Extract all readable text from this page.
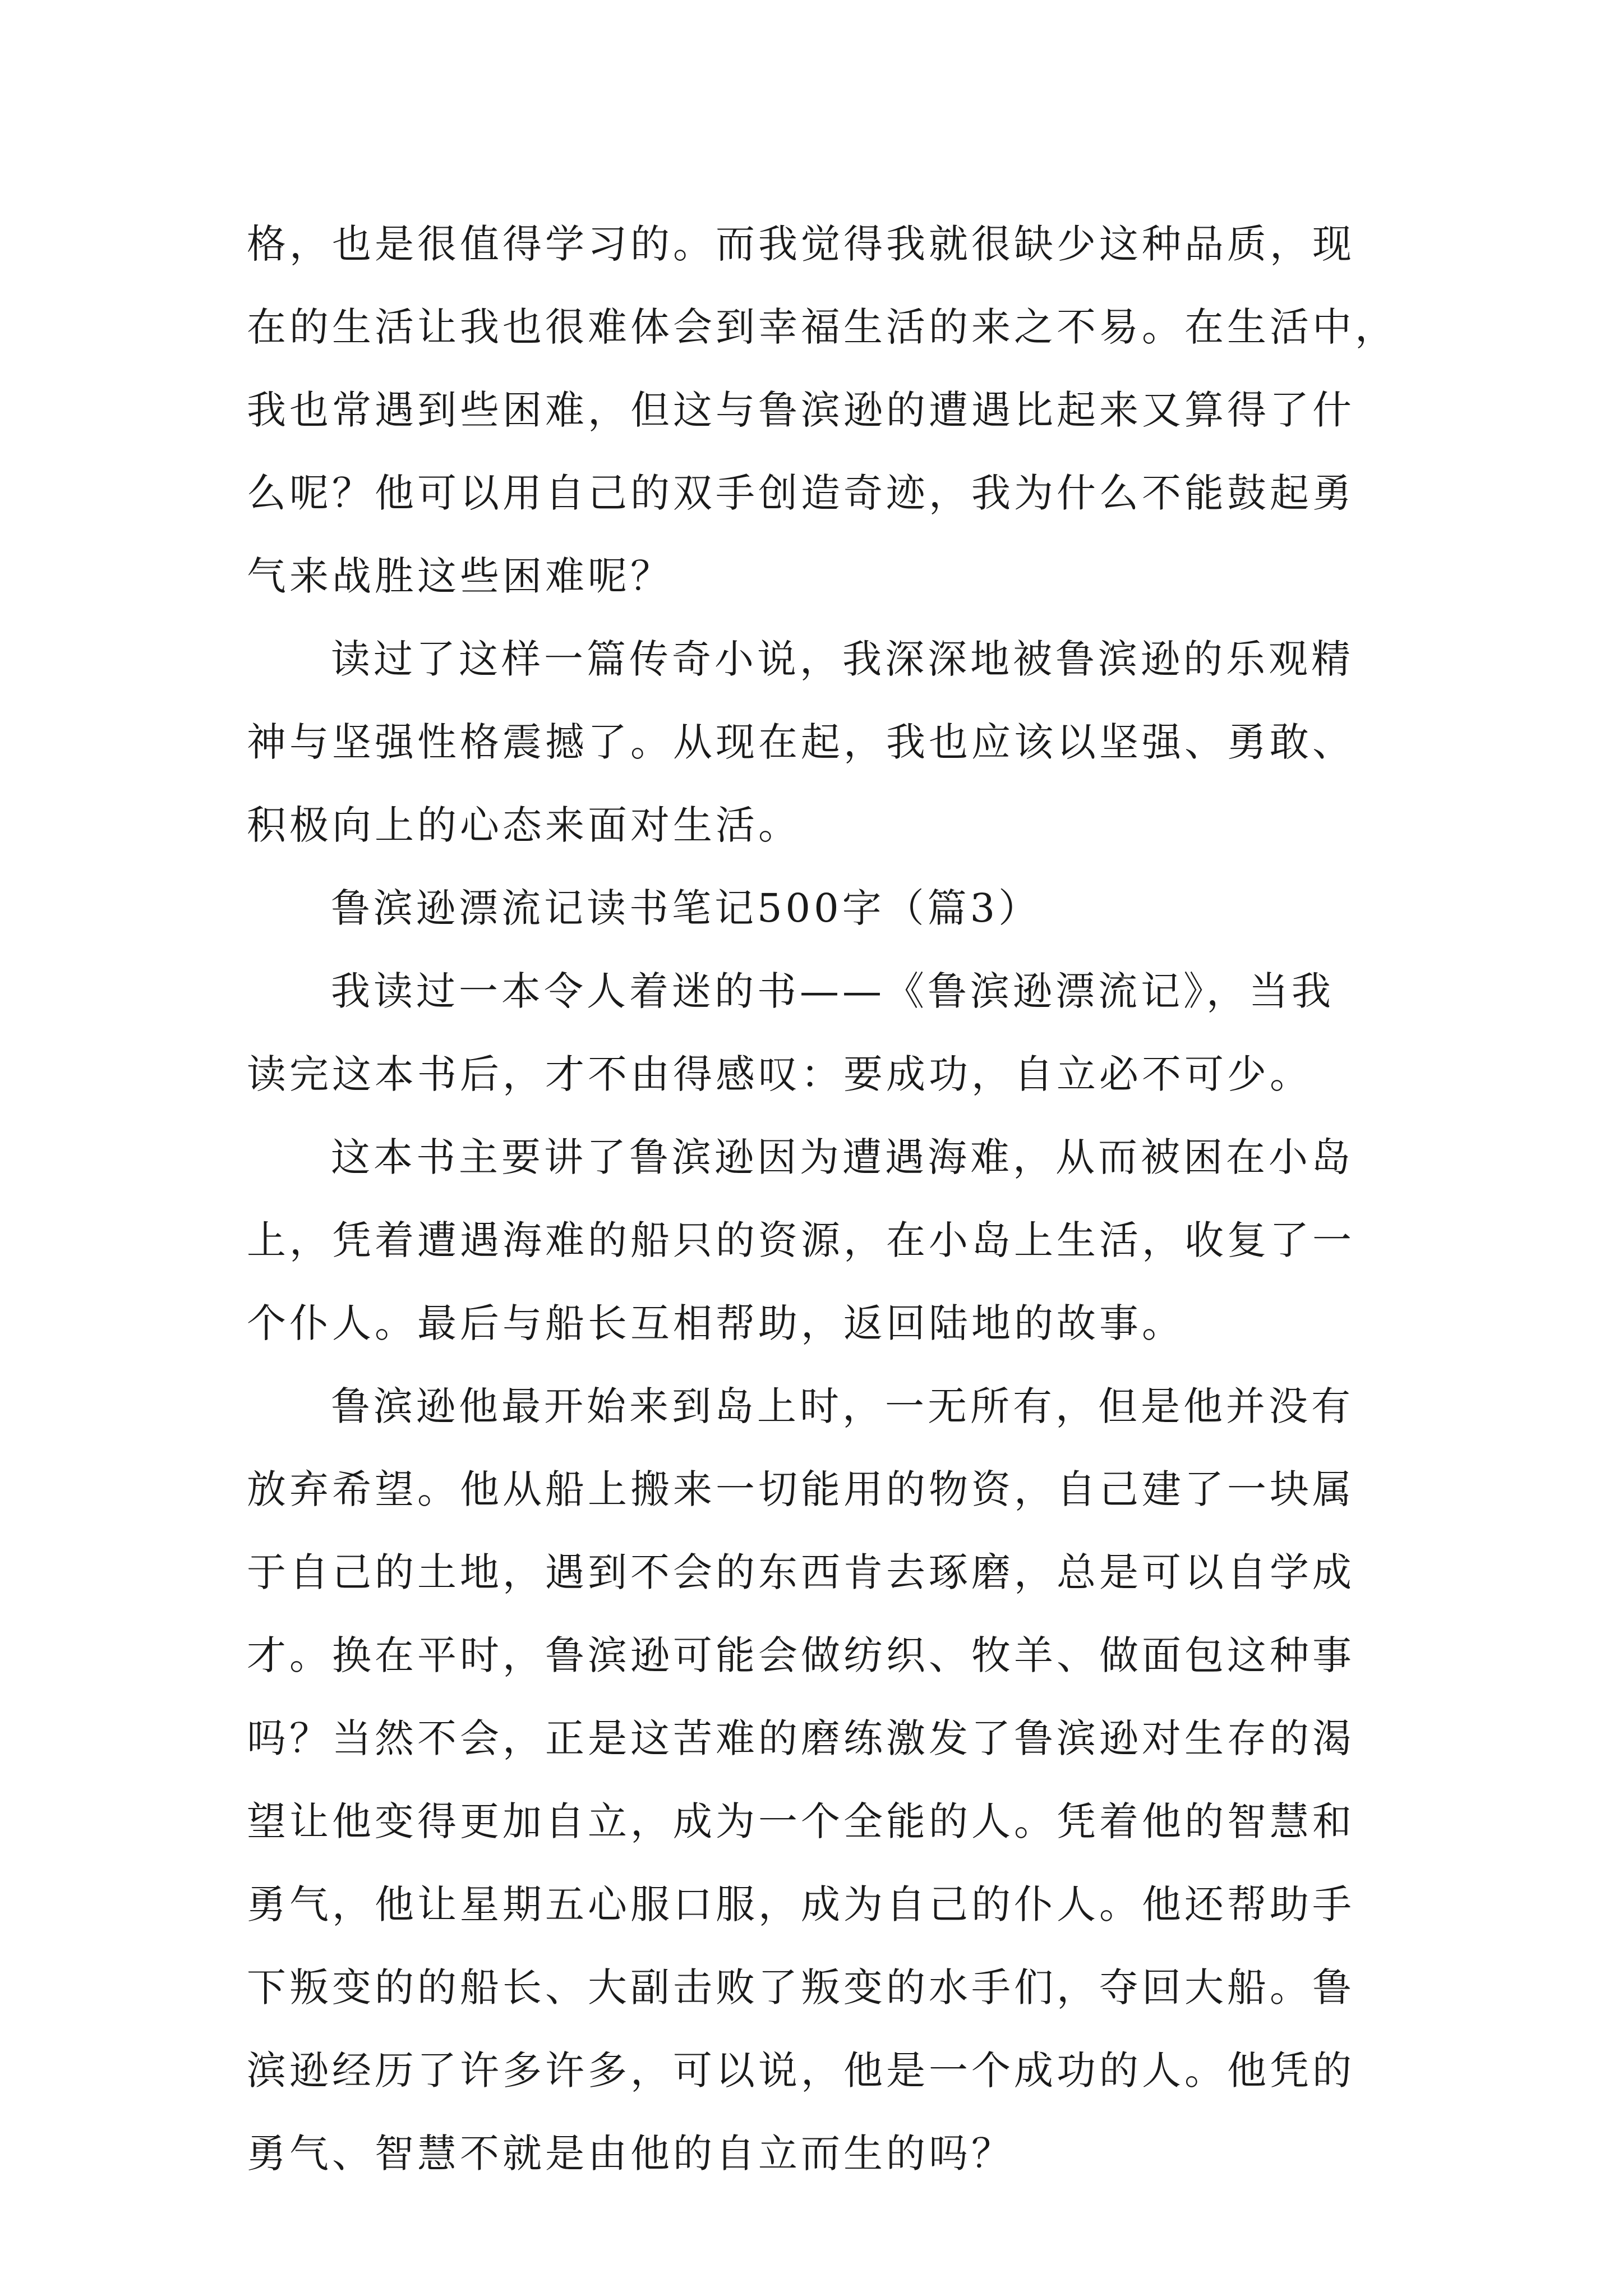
格，也是很值得学习的。而我觉得我就很缺少这种品质，现
在的生活让我也很难体会到幸福生活的来之不易。在生活中，
我也常遇到些困难，但这与鲁滨逊的遭遇比起来又算得了什
么呢？他可以用自己的双手创造奇迹，我为什么不能鼓起勇
气来战胜这些困难呢？
读过了这样一篇传奇小说，我深深地被鲁滨逊的乐观精
神与坚强性格震撼了。从现在起，我也应该以坚强、勇敢、
积极向上的心态来面对生活。
鲁滨逊漂流记读书笔记500字（篇3）
我读过一本令人着迷的书——《鲁滨逊漂流记》，当我
读完这本书后，才不由得感叹：要成功，自立必不可少。
这本书主要讲了鲁滨逊因为遭遇海难，从而被困在小岛
上，凭着遭遇海难的船只的资源，在小岛上生活，收复了一
个仆人。最后与船长互相帮助，返回陆地的故事。
鲁滨逊他最开始来到岛上时，一无所有，但是他并没有
放弃希望。他从船上搬来一切能用的物资，自己建了一块属
于自己的土地，遇到不会的东西肯去琢磨，总是可以自学成
才。换在平时，鲁滨逊可能会做纺织、牧羊、做面包这种事
吗？当然不会，正是这苦难的磨练激发了鲁滨逊对生存的渴
望让他变得更加自立，成为一个全能的人。凭着他的智慧和
勇气，他让星期五心服口服，成为自己的仆人。他还帮助手
下叛变的的船长、大副击败了叛变的水手们，夺回大船。鲁
滨逊经历了许多许多，可以说，他是一个成功的人。他凭的
勇气、智慧不就是由他的自立而生的吗？
